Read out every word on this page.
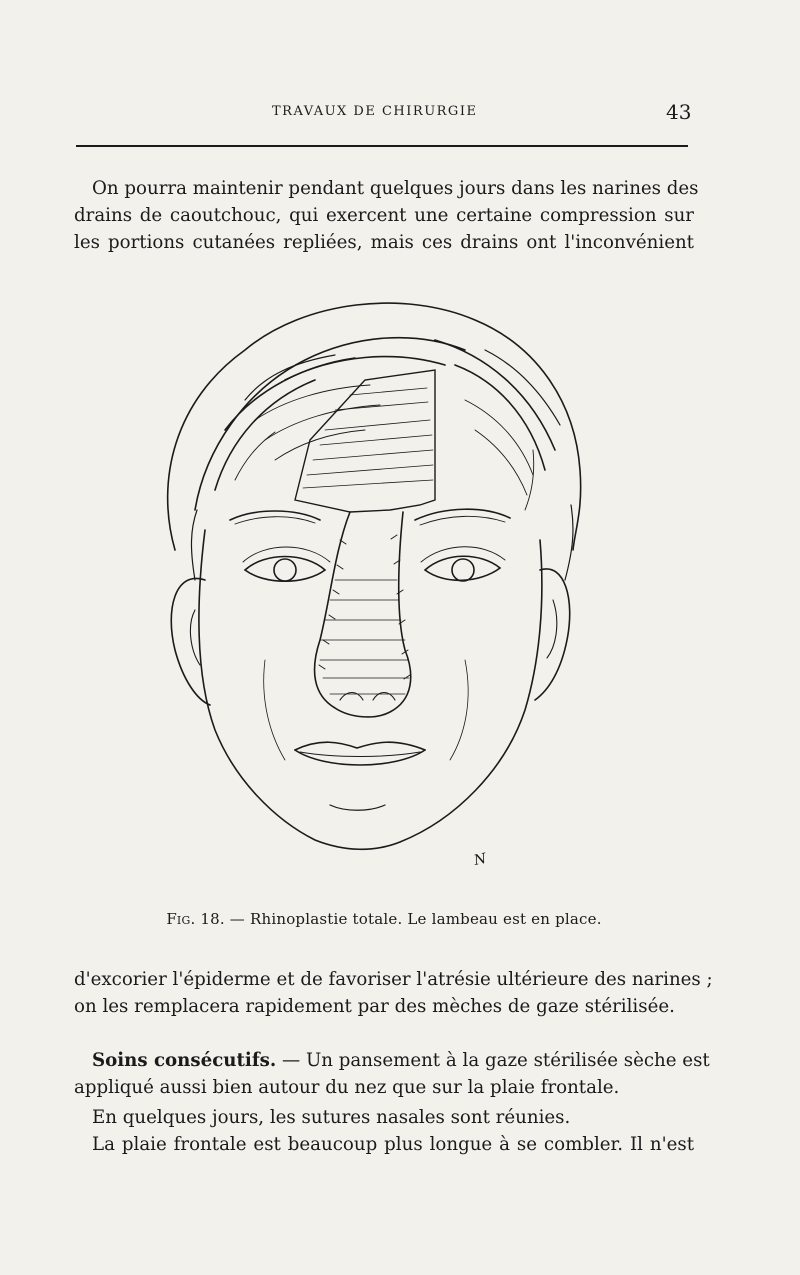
TRAVAUX DE CHIRURGIE	43

On pourra maintenir pendant quelques jours dans les narines des
drains de caoutchouc, qui exercent une certaine compression sur
les portions cutanées repliées, mais ces drains ont l'inconvénient

N
Fig. 18. — Rhinoplastie totale. Le lambeau est en place.

d'excorier l'épiderme et de favoriser l'atrésie ultérieure des narines ;
on les remplacera rapidement par des mèches de gaze stérilisée.

Soins consécutifs. — Un pansement à la gaze stérilisée sèche est
appliqué aussi bien autour du nez que sur la plaie frontale.

En quelques jours, les sutures nasales sont réunies.

La plaie frontale est beaucoup plus longue à se combler. Il n'est
